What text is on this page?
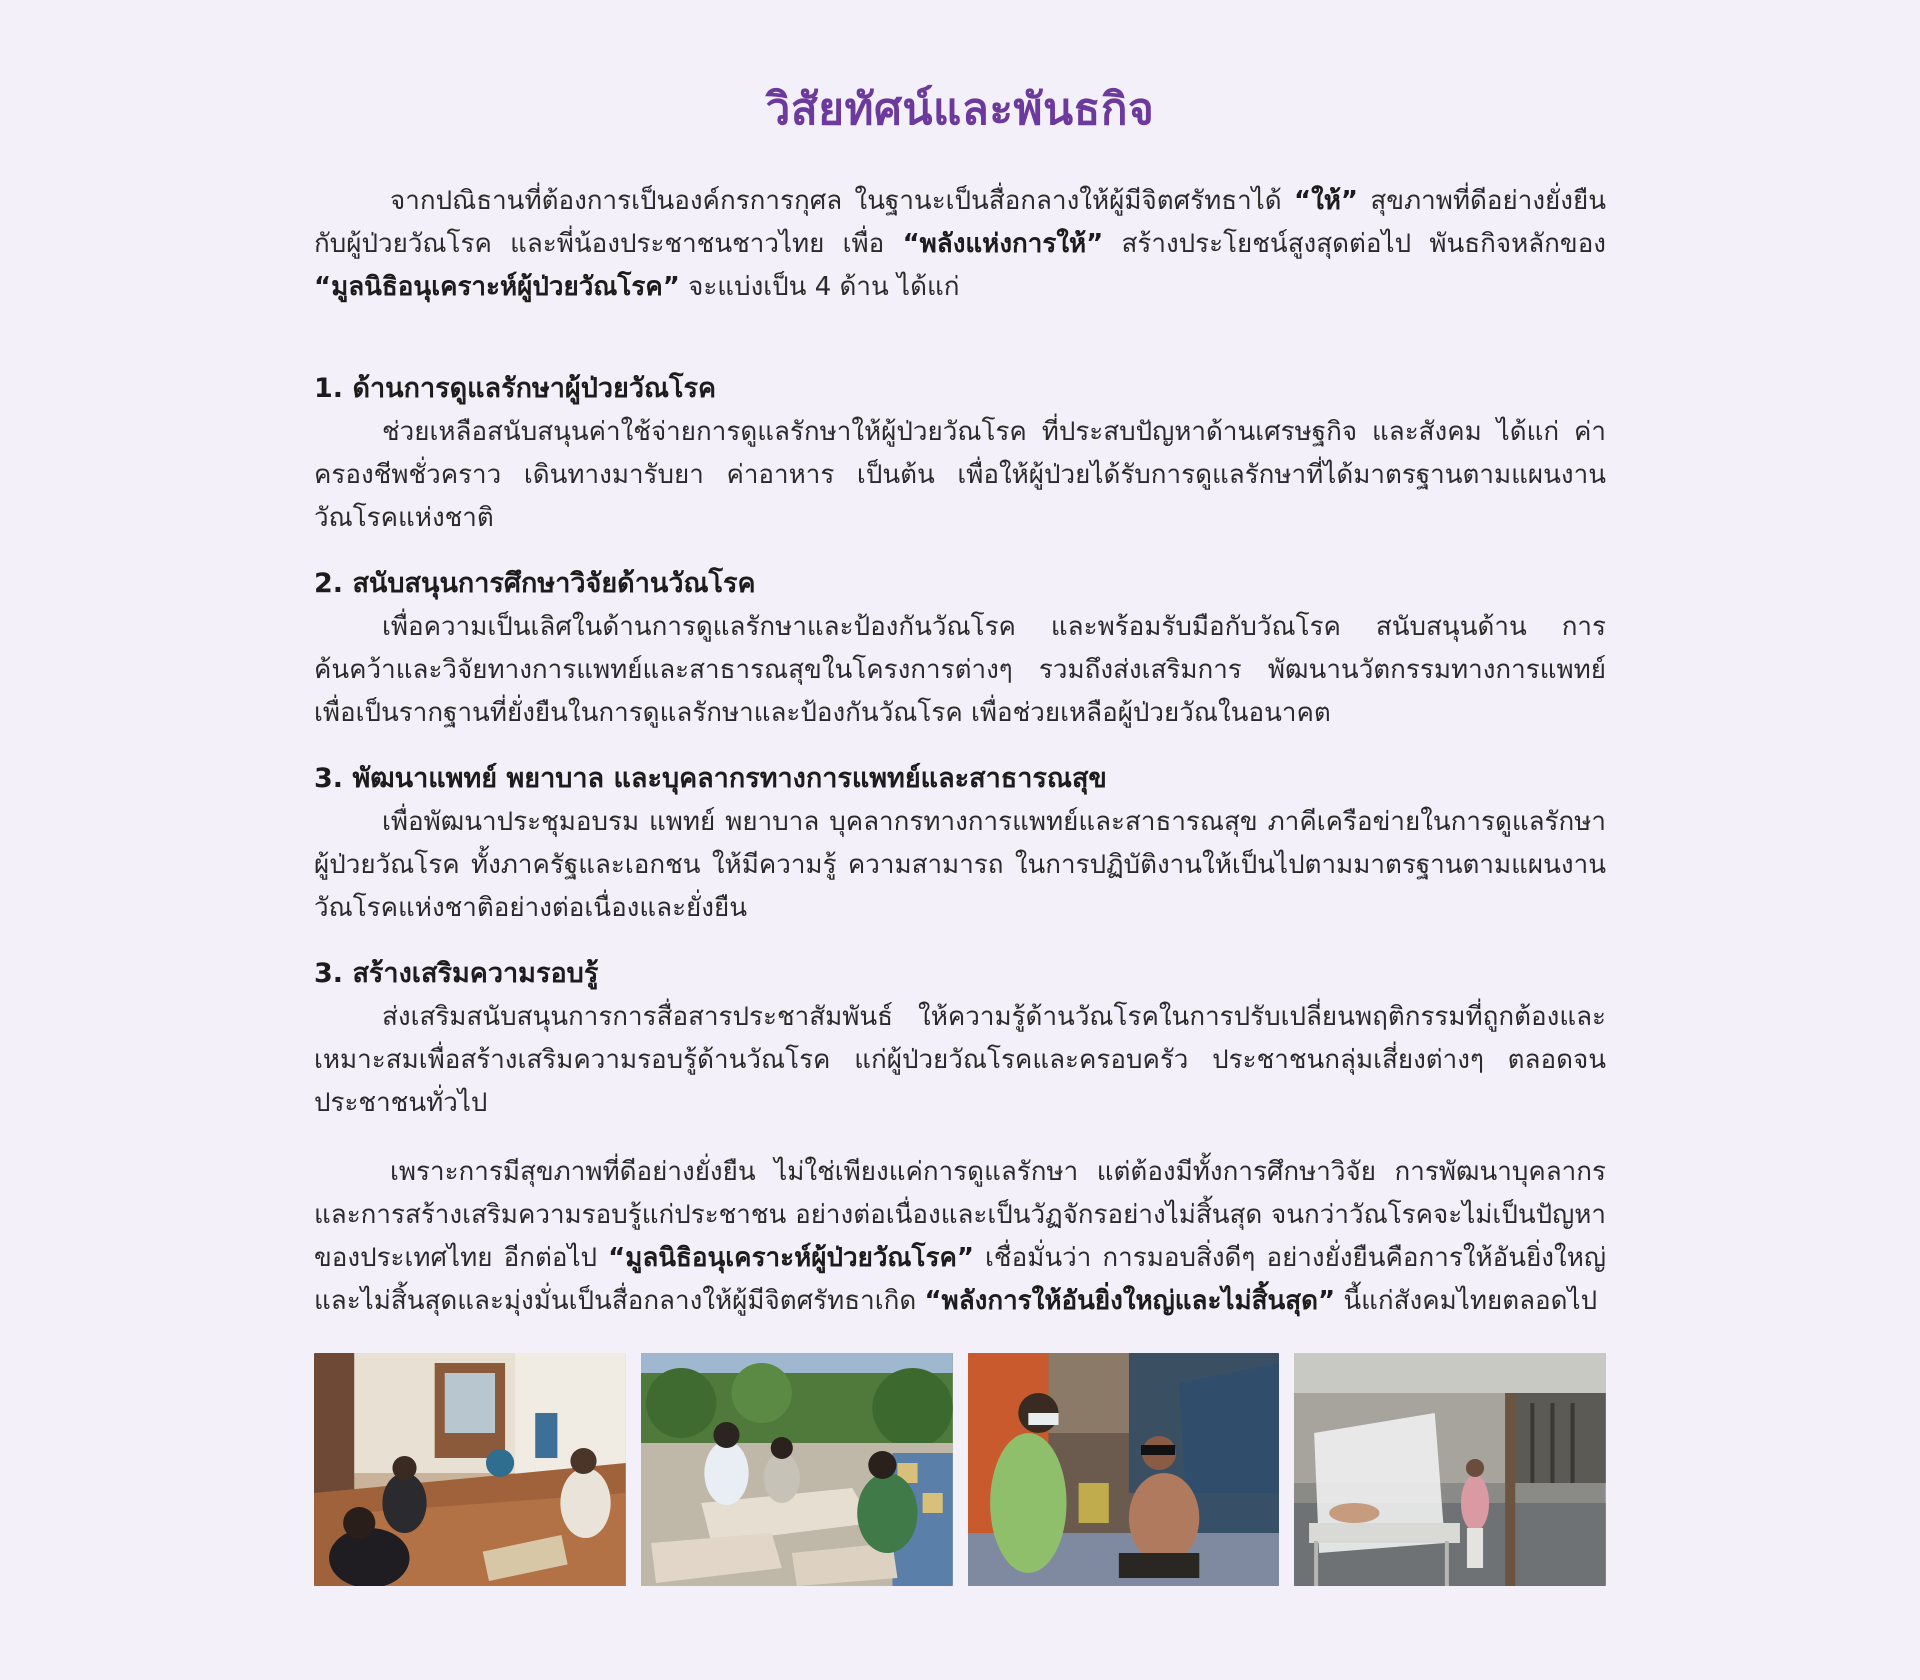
วิสัยทัศน์และพันธกิจ

จากปณิธานที่ต้องการเป็นองค์กรการกุศล ในฐานะเป็นสื่อกลางให้ผู้มีจิตศรัทธาได้ “ให้” สุขภาพที่ดีอย่างยั่งยืนกับผู้ป่วยวัณโรค และพี่น้องประชาชนชาวไทย เพื่อ “พลังแห่งการให้” สร้างประโยชน์สูงสุดต่อไป พันธกิจหลักของ “มูลนิธิอนุเคราะห์ผู้ป่วยวัณโรค” จะแบ่งเป็น 4 ด้าน ได้แก่

1. ด้านการดูแลรักษาผู้ป่วยวัณโรค

ช่วยเหลือสนับสนุนค่าใช้จ่ายการดูแลรักษาให้ผู้ป่วยวัณโรค ที่ประสบปัญหาด้านเศรษฐกิจ และสังคม ได้แก่ ค่าครองชีพชั่วคราว เดินทางมารับยา ค่าอาหาร เป็นต้น เพื่อให้ผู้ป่วยได้รับการดูแลรักษาที่ได้มาตรฐานตามแผนงานวัณโรคแห่งชาติ

2. สนับสนุนการศึกษาวิจัยด้านวัณโรค

เพื่อความเป็นเลิศในด้านการดูแลรักษาและป้องกันวัณโรค และพร้อมรับมือกับวัณโรค สนับสนุนด้าน การค้นคว้าและวิจัยทางการแพทย์และสาธารณสุขในโครงการต่างๆ รวมถึงส่งเสริมการ พัฒนานวัตกรรมทางการแพทย์ เพื่อเป็นรากฐานที่ยั่งยืนในการดูแลรักษาและป้องกันวัณโรค เพื่อช่วยเหลือผู้ป่วยวัณในอนาคต

3. พัฒนาแพทย์ พยาบาล และบุคลากรทางการแพทย์และสาธารณสุข

เพื่อพัฒนาประชุมอบรม แพทย์ พยาบาล บุคลากรทางการแพทย์และสาธารณสุข ภาคีเครือข่ายในการดูแลรักษาผู้ป่วยวัณโรค ทั้งภาครัฐและเอกชน ให้มีความรู้ ความสามารถ ในการปฏิบัติงานให้เป็นไปตามมาตรฐานตามแผนงานวัณโรคแห่งชาติอย่างต่อเนื่องและยั่งยืน

3. สร้างเสริมความรอบรู้

ส่งเสริมสนับสนุนการการสื่อสารประชาสัมพันธ์ ให้ความรู้ด้านวัณโรคในการปรับเปลี่ยนพฤติกรรมที่ถูกต้องและเหมาะสมเพื่อสร้างเสริมความรอบรู้ด้านวัณโรค แก่ผู้ป่วยวัณโรคและครอบครัว ประชาชนกลุ่มเสี่ยงต่างๆ ตลอดจนประชาชนทั่วไป

เพราะการมีสุขภาพที่ดีอย่างยั่งยืน ไม่ใช่เพียงแค่การดูแลรักษา แต่ต้องมีทั้งการศึกษาวิจัย การพัฒนาบุคลากรและการสร้างเสริมความรอบรู้แก่ประชาชน อย่างต่อเนื่องและเป็นวัฏจักรอย่างไม่สิ้นสุด จนกว่าวัณโรคจะไม่เป็นปัญหาของประเทศไทย อีกต่อไป “มูลนิธิอนุเคราะห์ผู้ป่วยวัณโรค” เชื่อมั่นว่า การมอบสิ่งดีๆ อย่างยั่งยืนคือการให้อันยิ่งใหญ่และไม่สิ้นสุดและมุ่งมั่นเป็นสื่อกลางให้ผู้มีจิตศรัทธาเกิด “พลังการให้อันยิ่งใหญ่และไม่สิ้นสุด” นี้แก่สังคมไทยตลอดไป
